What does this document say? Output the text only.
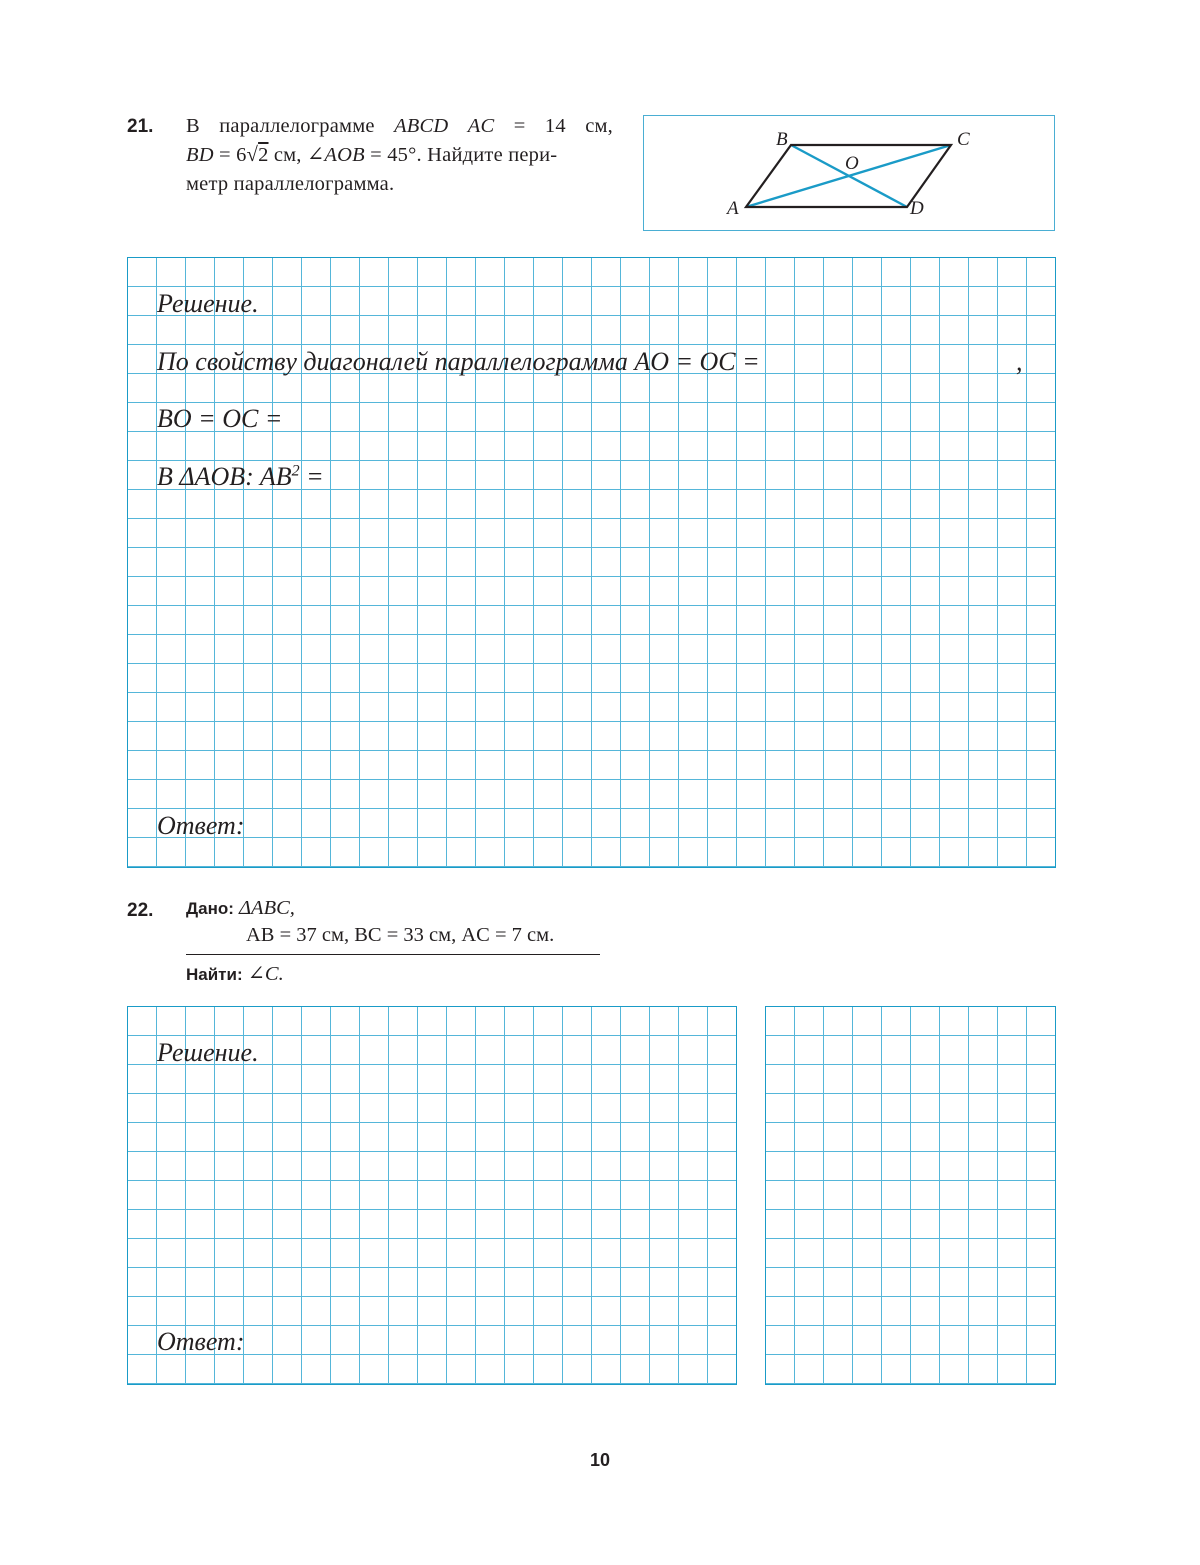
21. В параллелограмме ABCD AC = 14 см,
BD = 6√2 см, ∠AOB = 45°. Найдите пери-
метр параллелограмма.
B	C
O
A	D
Решение.
По свойству диагоналей параллелограмма AO = OC =	,
BO = OC =
В ΔAOB: $AB^2$ =
Ответ:
22. Дано: ΔABC,
AB = 37 см, BC = 33 см, AC = 7 см.
Найти: ∠C.
Решение.
Ответ:
10
